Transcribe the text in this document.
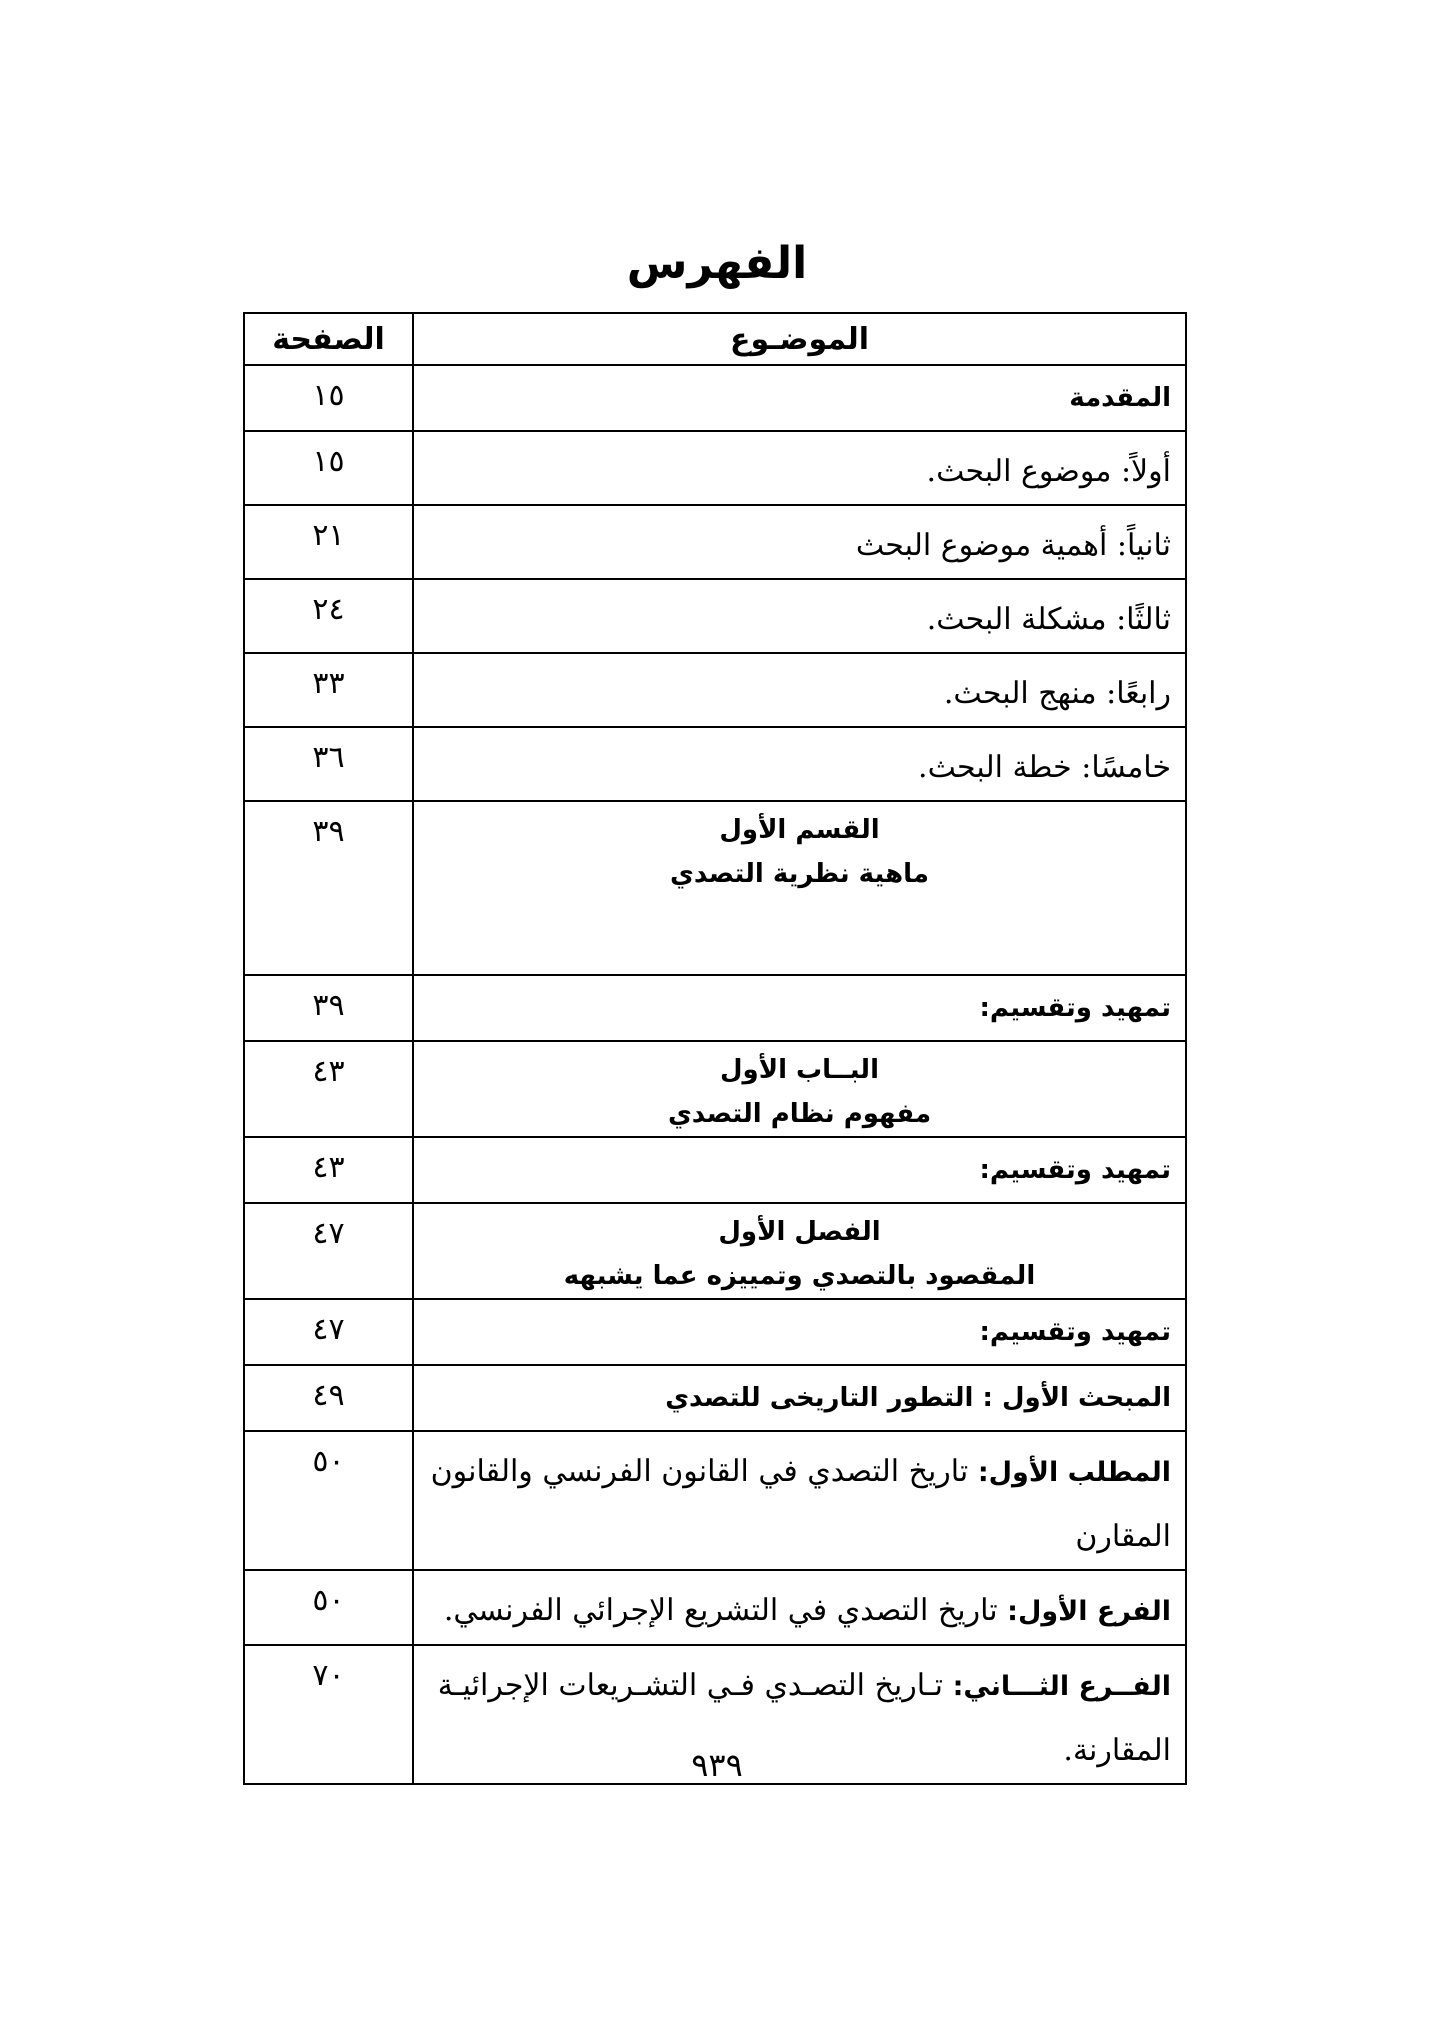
الفهرس
الموضـوع	الصفحة
المقدمة	١٥
أولاً: موضوع البحث.	١٥
ثانياً: أهمية موضوع البحث	٢١
ثالثًا: مشكلة البحث.	٢٤
رابعًا: منهج البحث.	٣٣
خامسًا: خطة البحث.	٣٦

القسم الأول
ماهية نظرية التصدي	٣٩
تمهيد وتقسيم:	٣٩

البــاب الأول
مفهوم نظام التصدي	٤٣
تمهيد وتقسيم:	٤٣

الفصل الأول
المقصود بالتصدي وتمييزه عما يشبهه	٤٧
تمهيد وتقسيم:	٤٧
المبحث الأول : التطور التاريخى للتصدي	٤٩
المطلب الأول: تاريخ التصدي في القانون الفرنسي والقانون المقارن	٥٠
الفرع الأول: تاريخ التصدي في التشريع الإجرائي الفرنسي.	٥٠
الفــرع الثـــاني: تـاريخ التصـدي فـي التشـريعات الإجرائيـة المقارنة.	٧٠
٩٣٩
